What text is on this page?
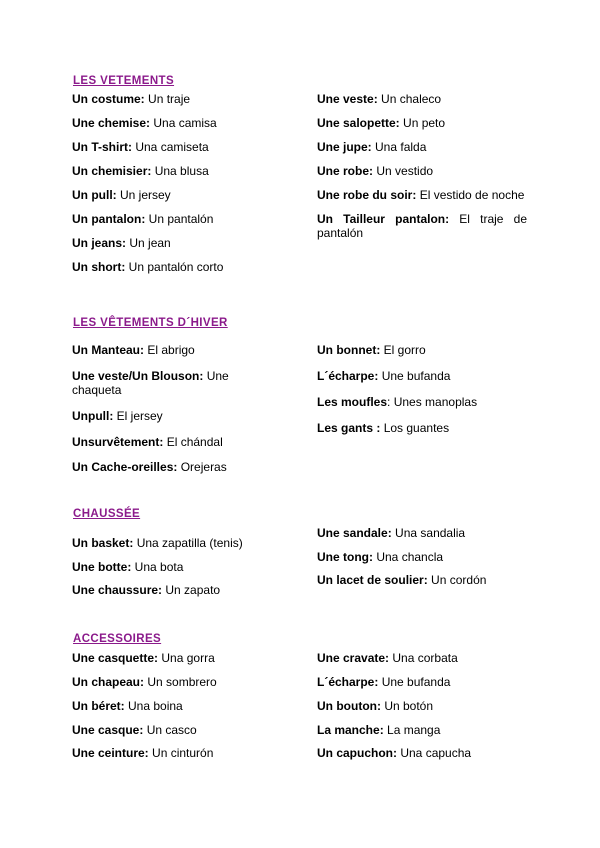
LES VETEMENTS
Un costume: Un traje
Une chemise: Una camisa
Un T-shirt: Una camiseta
Un chemisier: Una blusa
Un pull: Un jersey
Un pantalon: Un pantalón
Un jeans: Un jean
Un short: Un pantalón corto
Une veste: Un chaleco
Une salopette: Un peto
Une jupe: Una falda
Une robe: Un vestido
Une robe du soir: El vestido de noche
Un Tailleur pantalon: El traje de pantalón
LES VÊTEMENTS D´HIVER
Un Manteau: El abrigo
Une veste/Un Blouson: Une chaqueta
Unpull: El jersey
Unsurvêtement: El chándal
Un Cache-oreilles: Orejeras
Un bonnet: El gorro
L´écharpe: Une bufanda
Les moufles: Unes manoplas
Les gants : Los guantes
CHAUSSÉE
Un basket: Una zapatilla (tenis)
Une botte: Una bota
Une chaussure: Un zapato
Une sandale: Una sandalia
Une tong: Una chancla
Un lacet de soulier: Un cordón
ACCESSOIRES
Une casquette: Una gorra
Un chapeau: Un sombrero
Un béret: Una boina
Une casque: Un casco
Une ceinture: Un cinturón
Une cravate: Una corbata
L´écharpe: Une bufanda
Un bouton: Un botón
La manche: La manga
Un capuchon: Una capucha
